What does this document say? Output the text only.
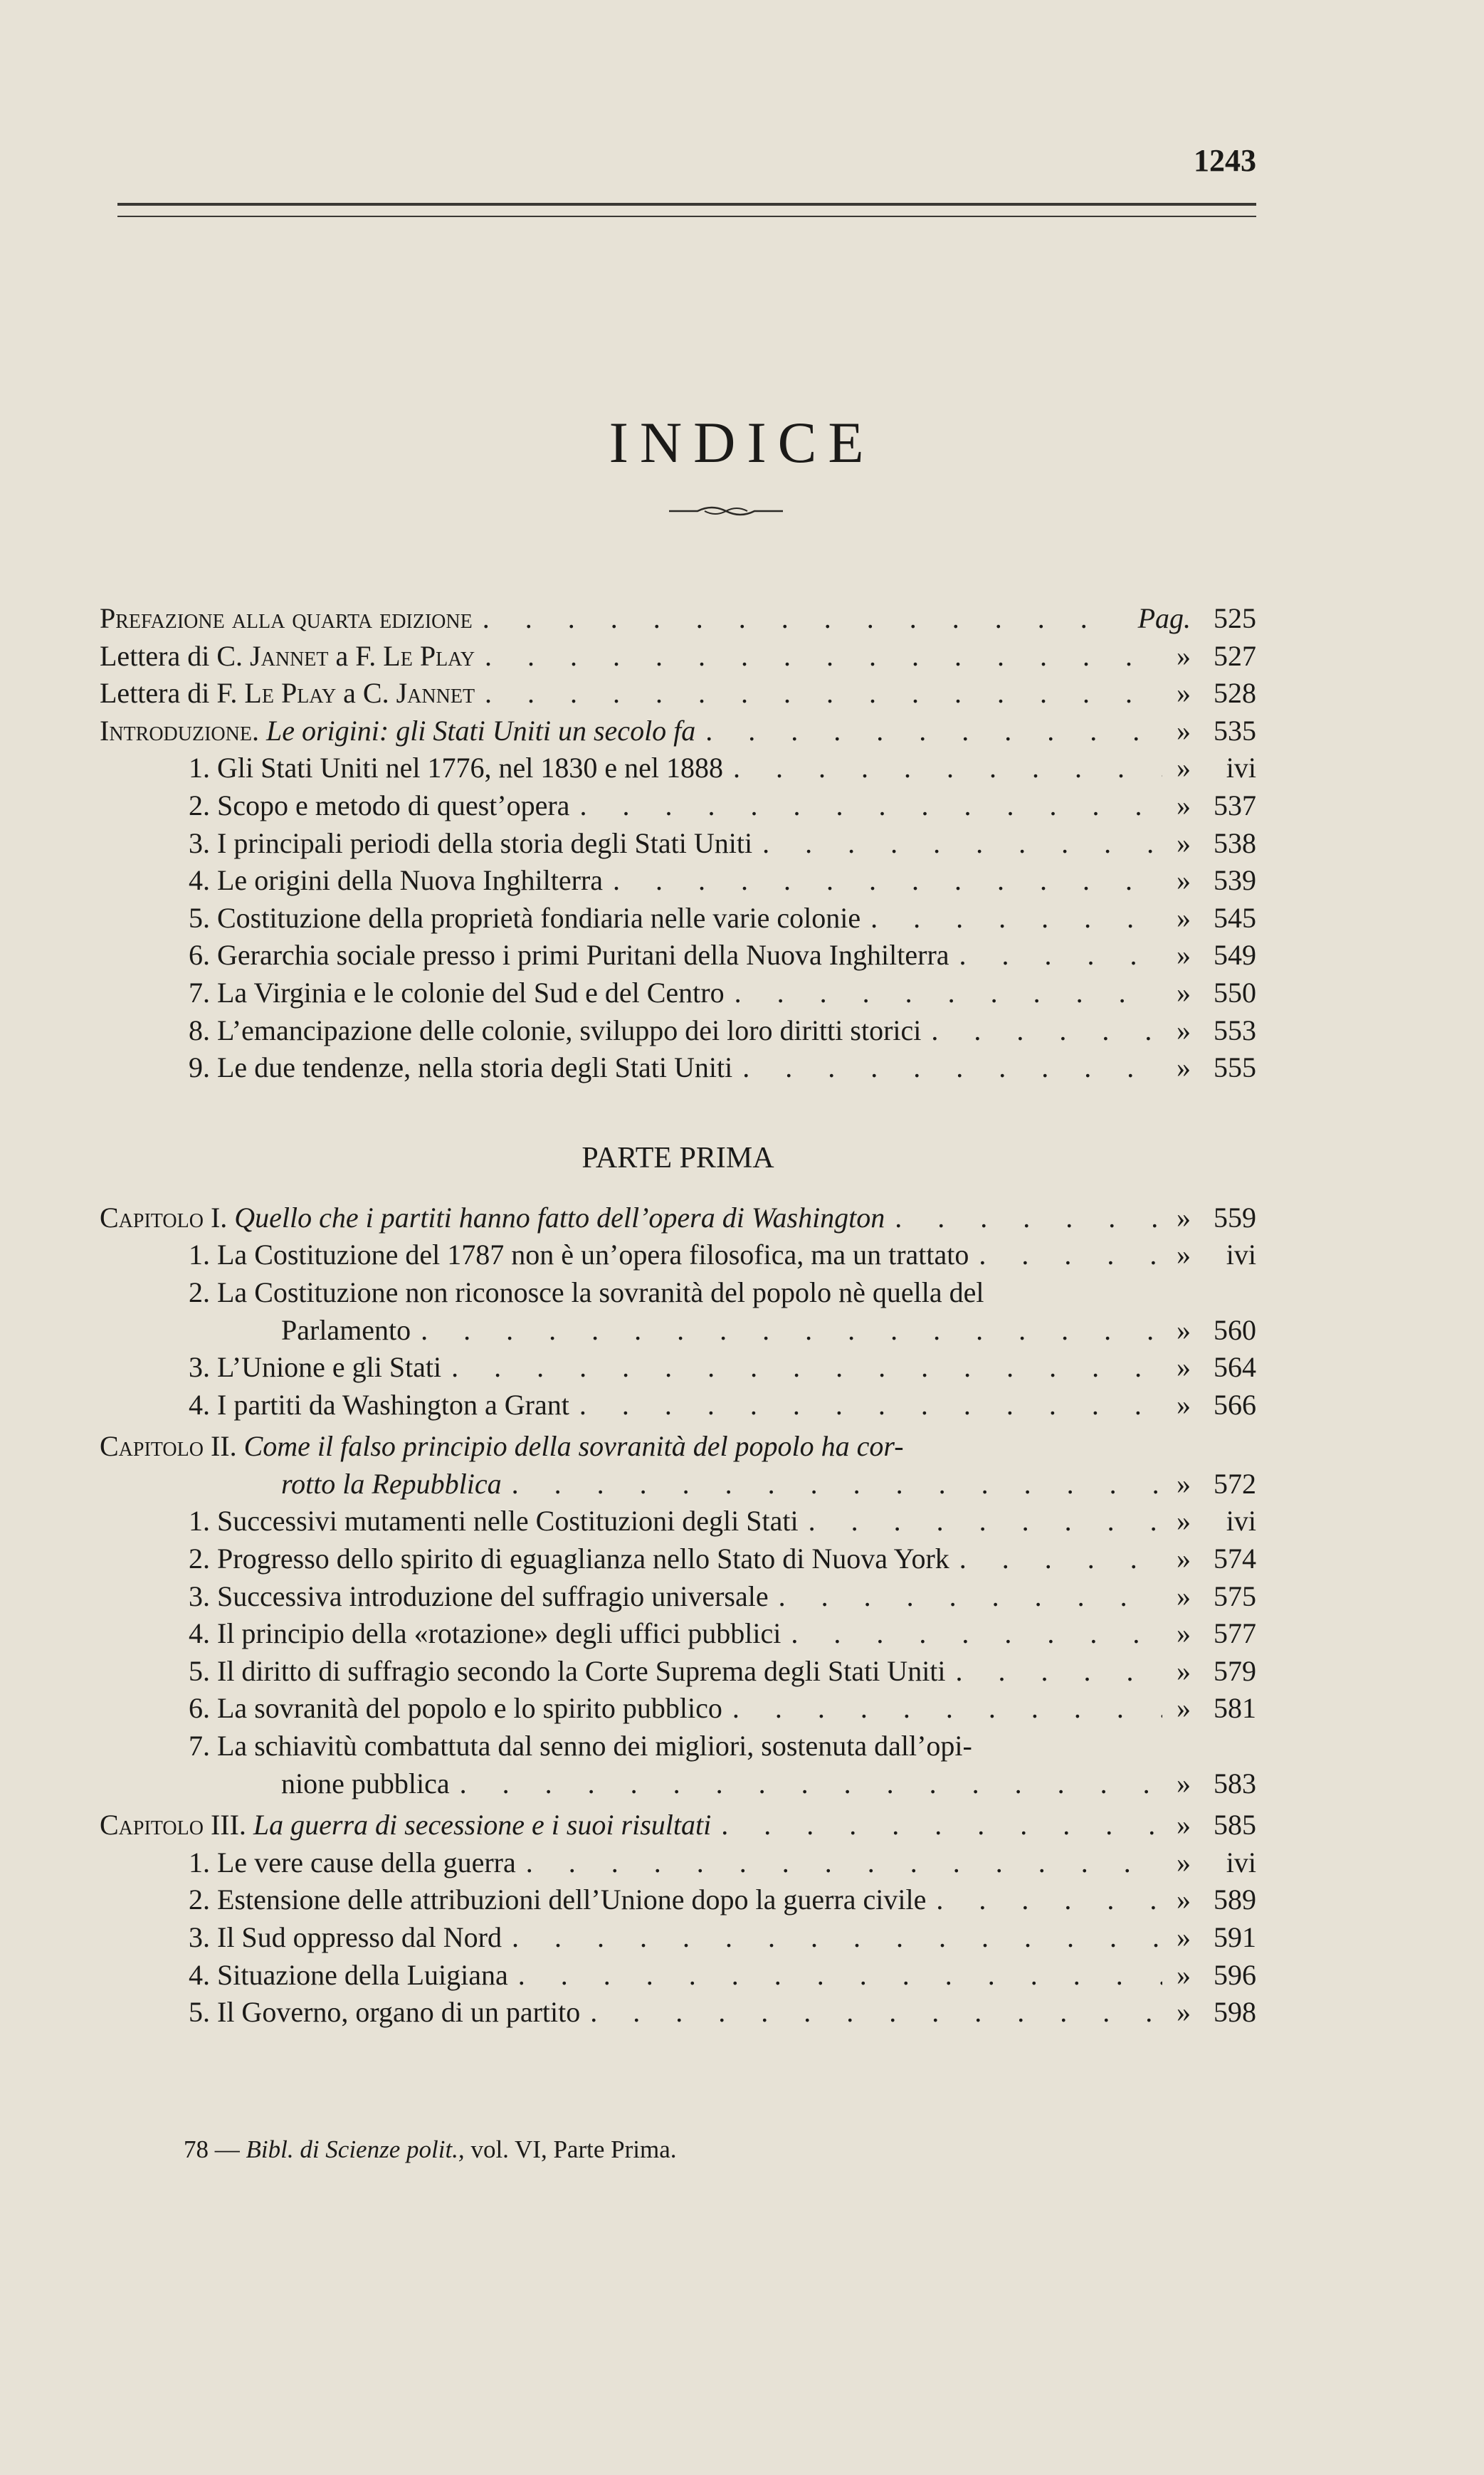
1243
INDICE
Prefazione alla quarta edizione . . .	Pag. 525
Lettera di C. Jannet a F. Le Play . . .	» 527
Lettera di F. Le Play a C. Jannet . . .	» 528
Introduzione. Le origini: gli Stati Uniti un secolo fa . . .	» 535
1. Gli Stati Uniti nel 1776, nel 1830 e nel 1888 . . .	»	ivi
2. Scopo e metodo di quest’opera . . .	» 537
3. I principali periodi della storia degli Stati Uniti . . .	» 538
4. Le origini della Nuova Inghilterra . . .	» 539
5. Costituzione della proprietà fondiaria nelle varie colonie . . .	» 545
6. Gerarchia sociale presso i primi Puritani della Nuova Inghilterra . . .	» 549
7. La Virginia e le colonie del Sud e del Centro . . .	» 550
8. L’emancipazione delle colonie, sviluppo dei loro diritti storici . . .	» 553
9. Le due tendenze, nella storia degli Stati Uniti . . .	» 555
PARTE PRIMA
Capitolo I. Quello che i partiti hanno fatto dell’opera di Washington . . .	» 559
1. La Costituzione del 1787 non è un’opera filosofica, ma un trattato . . .	»	ivi
2. La Costituzione non riconosce la sovranità del popolo nè quella del
Parlamento . . .	» 560
3. L’Unione e gli Stati . . .	» 564
4. I partiti da Washington a Grant . . .	» 566
Capitolo II. Come il falso principio della sovranità del popolo ha cor-
rotto la Repubblica . . .	» 572
1. Successivi mutamenti nelle Costituzioni degli Stati . . .	»	ivi
2. Progresso dello spirito di eguaglianza nello Stato di Nuova York . . .	» 574
3. Successiva introduzione del suffragio universale . . .	» 575
4. Il principio della «rotazione» degli uffici pubblici . . .	» 577
5. Il diritto di suffragio secondo la Corte Suprema degli Stati Uniti . . .	» 579
6. La sovranità del popolo e lo spirito pubblico . . .	» 581
7. La schiavitù combattuta dal senno dei migliori, sostenuta dall’opi-
nione pubblica . . .	» 583
Capitolo III. La guerra di secessione e i suoi risultati . . .	» 585
1. Le vere cause della guerra . . .	»	ivi
2. Estensione delle attribuzioni dell’Unione dopo la guerra civile . . .	» 589
3. Il Sud oppresso dal Nord . . .	» 591
4. Situazione della Luigiana . . .	» 596
5. Il Governo, organo di un partito . . .	» 598
78 — Bibl. di Scienze polit., vol. VI, Parte Prima.
